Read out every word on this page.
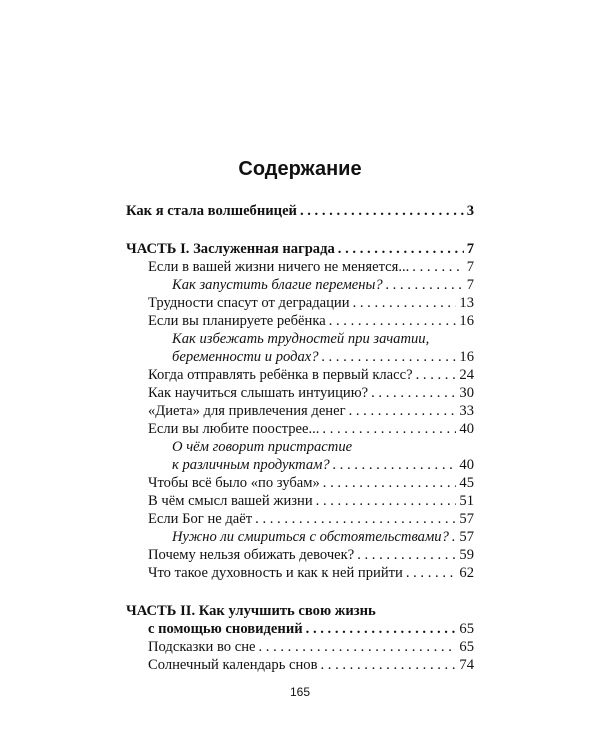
Содержание
Как я стала волшебницей . . .	3
ЧАСТЬ I. Заслуженная награда . . .	7
Если в вашей жизни ничего не меняется... . . .	7
Как запустить благие перемены? . . .	7
Трудности спасут от деградации . . .	13
Если вы планируете ребёнка . . .	16
Как избежать трудностей при зачатии,
беременности и родах? . . .	16
Когда отправлять ребёнка в первый класс? . . .	24
Как научиться слышать интуицию? . . .	30
«Диета» для привлечения денег . . .	33
Если вы любите поострее... . . .	40
О чём говорит пристрастие
к различным продуктам? . . .	40
Чтобы всё было «по зубам» . . .	45
В чём смысл вашей жизни . . .	51
Если Бог не даёт . . .	57
Нужно ли смириться с обстоятельствами? . . . 57
Почему нельзя обижать девочек? . . .	59
Что такое духовность и как к ней прийти . . .	62
ЧАСТЬ II. Как улучшить свою жизнь
с помощью сновидений . . .	65
Подсказки во сне . . .	65
Солнечный календарь снов . . .	74
165
